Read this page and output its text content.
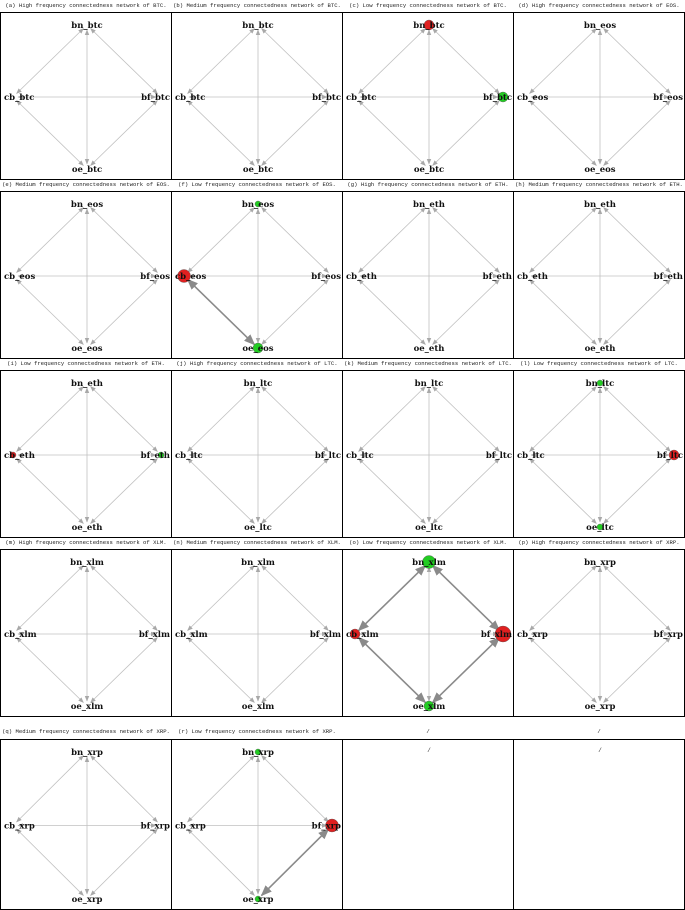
(a) High frequency connectedness network of BTC.
bn_btc
cb_btc	bf_btc
oe_btc
(b) Medium frequency connectedness network of BTC.
bn_btc
cb_btc	bf_btc
oe_btc
(c) Low frequency connectedness network of BTC.
bn_btc
cb_btc	bf_btc
oe_btc
(d) High frequency connectedness network of EOS.
bn_eos
cb_eos	bf_eos
oe_eos
(e) Medium frequency connectedness network of EOS.
bn_eos
cb_eos	bf_eos
oe_eos
(f) Low frequency connectedness network of EOS.
bn_eos
cb_eos	bf_eos
oe_eos
(g) High frequency connectedness network of ETH.
bn_eth
cb_eth	bf_eth
oe_eth
(h) Medium frequency connectedness network of ETH.
bn_eth
cb_eth	bf_eth
oe_eth
(i) Low frequency connectedness network of ETH.
bn_eth
cb_eth	bf_eth
oe_eth
(j) High frequency connectedness network of LTC.
bn_ltc
cb_ltc	bf_ltc
oe_ltc
(k) Medium frequency connectedness network of LTC.
bn_ltc
cb_ltc	bf_ltc
oe_ltc
(l) Low frequency connectedness network of LTC.
bn_ltc
cb_ltc	bf_ltc
oe_ltc
(m) High frequency connectedness network of XLM.
bn_xlm
cb_xlm	bf_xlm
oe_xlm
(n) Medium frequency connectedness network of XLM.
bn_xlm
cb_xlm	bf_xlm
oe_xlm
(o) Low frequency connectedness network of XLM.
bn_xlm
cb_xlm	bf_xlm
oe_xlm
(p) High frequency connectedness network of XRP.
bn_xrp
cb_xrp	bf_xrp
oe_xrp
(q) Medium frequency connectedness network of XRP.
bn_xrp
cb_xrp	bf_xrp
oe_xrp
(r) Low frequency connectedness network of XRP.
bn_xrp
cb_xrp	bf_xrp
oe_xrp
/
/
/
/
